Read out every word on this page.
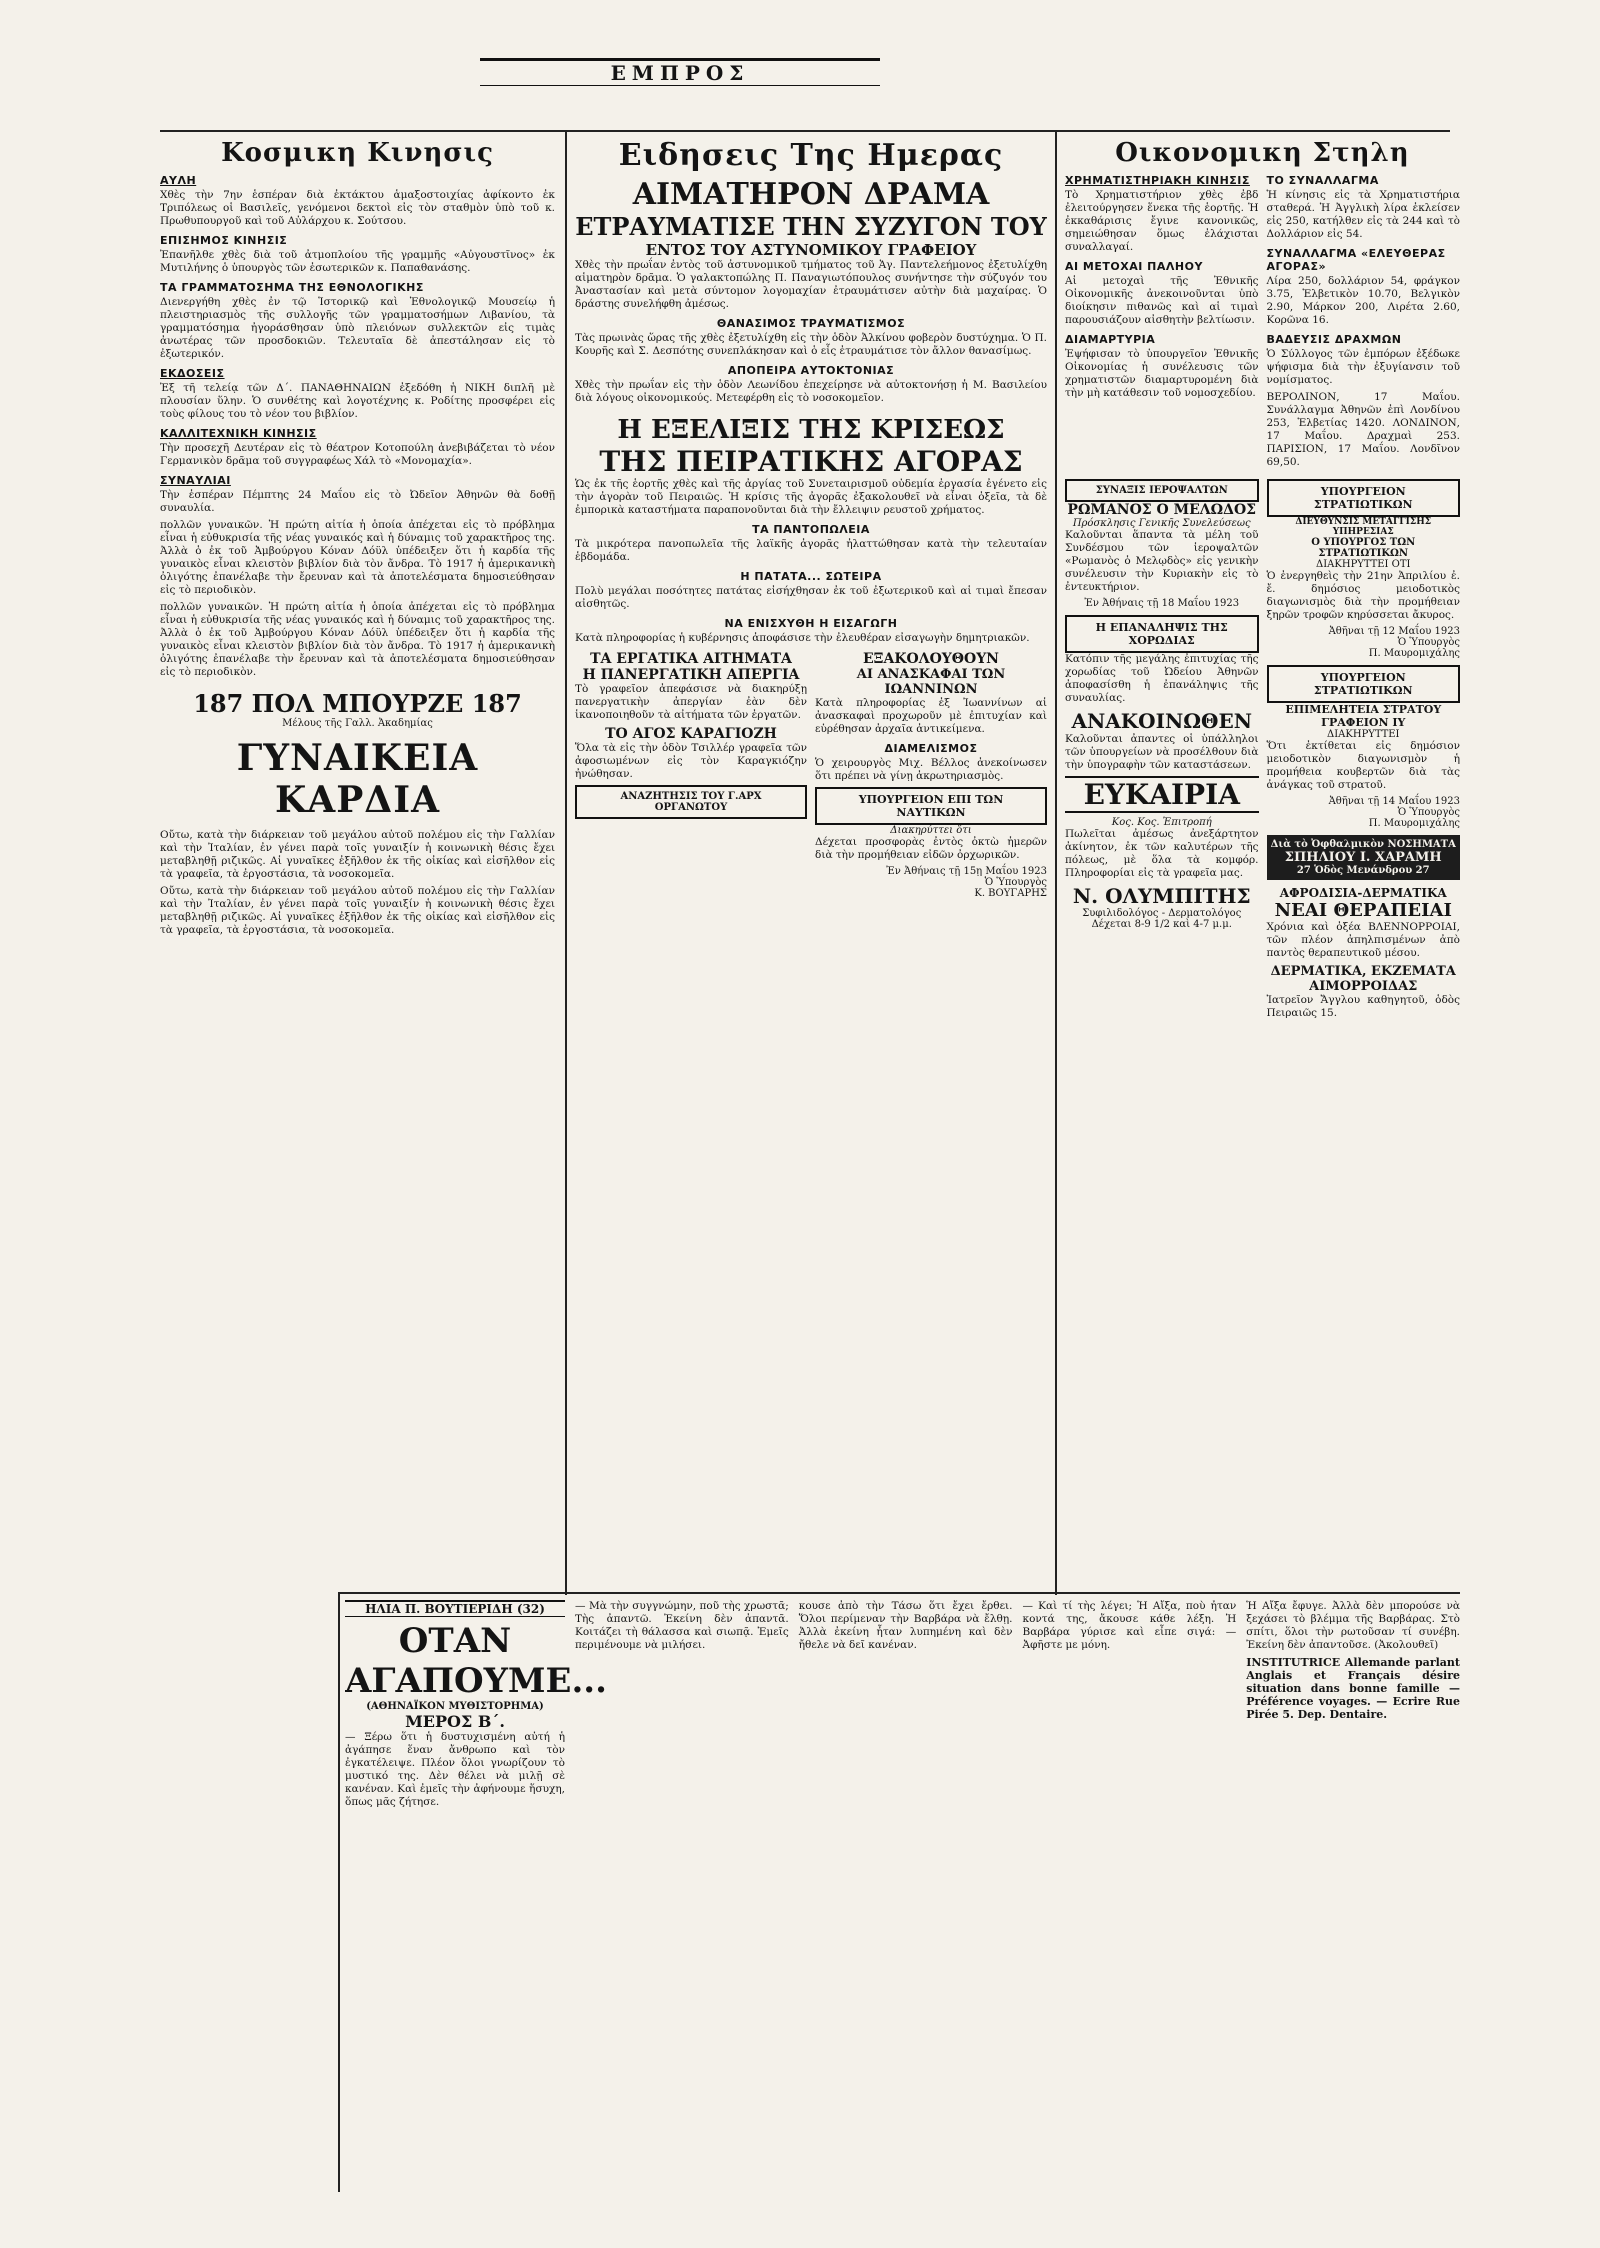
ΕΜΠΡΟΣ
Κοσμικη Κινησις
ΑΥΛΗ

Χθὲς τὴν 7ην ἑσπέραν διὰ ἐκτάκτου ἁμαξοστοιχίας ἀφίκοντο ἐκ Τριπόλεως οἱ Βασιλεῖς, γενόμενοι δεκτοὶ εἰς τὸν σταθμὸν ὑπὸ τοῦ κ. Πρωθυπουργοῦ καὶ τοῦ Αὐλάρχου κ. Σούτσου.

ΕΠΙΣΗΜΟΣ ΚΙΝΗΣΙΣ

Ἐπανῆλθε χθὲς διὰ τοῦ ἀτμοπλοίου τῆς γραμμῆς «Αὐγουστῖνος» ἐκ Μυτιλήνης ὁ ὑπουργὸς τῶν ἐσωτερικῶν κ. Παπαθανάσης.

ΤΑ ΓΡΑΜΜΑΤΟΣΗΜΑ ΤΗΣ ΕΘΝΟΛΟΓΙΚΗΣ

Διενεργήθη χθὲς ἐν τῷ Ἱστορικῷ καὶ Ἐθνολογικῷ Μουσείῳ ἡ πλειστηριασμὸς τῆς συλλογῆς τῶν γραμματοσήμων Λιβανίου, τὰ γραμματόσημα ἠγοράσθησαν ὑπὸ πλειόνων συλλεκτῶν εἰς τιμὰς ἀνωτέρας τῶν προσδοκιῶν. Τελευταῖα δὲ ἀπεστάλησαν εἰς τὸ ἐξωτερικόν.

ΕΚΔΟΣΕΙΣ

Ἐξ τῆ τελείᾳ τῶν Δ΄. ΠΑΝΑΘΗΝΑΙΩΝ ἐξεδόθη ἡ ΝΙΚΗ διπλῆ μὲ πλουσίαν ὕλην. Ὁ συνθέτης καὶ λογοτέχνης κ. Ροδίτης προσφέρει εἰς τοὺς φίλους του τὸ νέον του βιβλίον.

ΚΑΛΛΙΤΕΧΝΙΚΗ ΚΙΝΗΣΙΣ

Τὴν προσεχῆ Δευτέραν εἰς τὸ θέατρον Κοτοπούλη ἀνεβιβάζεται τὸ νέον Γερμανικὸν δρᾶμα τοῦ συγγραφέως Χάλ τὸ «Μονομαχία».

ΣΥΝΑΥΛΙΑΙ

Τὴν ἑσπέραν Πέμπτης 24 Μαΐου εἰς τὸ Ὠδεῖον Ἀθηνῶν θὰ δοθῇ συναυλία.

πολλῶν γυναικῶν. Ἡ πρώτη αἰτία ἡ ὁποία ἀπέχεται εἰς τὸ πρόβλημα εἶναι ἡ εὐθυκρισία τῆς νέας γυναικός καὶ ἡ δύναμις τοῦ χαρακτῆρος της. Ἀλλὰ ὁ ἐκ τοῦ Ἀμβούργου Κόναν Δόϋλ ὑπέδειξεν ὅτι ἡ καρδία τῆς γυναικὸς εἶναι κλειστὸν βιβλίον διὰ τὸν ἄνδρα. Τὸ 1917 ἡ ἀμερικανικὴ ὀλιγότης ἐπανέλαβε τὴν ἔρευναν καὶ τὰ ἀποτελέσματα δημοσιεύθησαν εἰς τὸ περιοδικὸν.

πολλῶν γυναικῶν. Ἡ πρώτη αἰτία ἡ ὁποία ἀπέχεται εἰς τὸ πρόβλημα εἶναι ἡ εὐθυκρισία τῆς νέας γυναικός καὶ ἡ δύναμις τοῦ χαρακτῆρος της. Ἀλλὰ ὁ ἐκ τοῦ Ἀμβούργου Κόναν Δόϋλ ὑπέδειξεν ὅτι ἡ καρδία τῆς γυναικὸς εἶναι κλειστὸν βιβλίον διὰ τὸν ἄνδρα. Τὸ 1917 ἡ ἀμερικανικὴ ὀλιγότης ἐπανέλαβε τὴν ἔρευναν καὶ τὰ ἀποτελέσματα δημοσιεύθησαν εἰς τὸ περιοδικὸν.

187 ΠΟΛ ΜΠΟΥΡΖΕ 187
Μέλους τῆς Γαλλ. Ἀκαδημίας
ΓΥΝΑΙΚΕΙΑ ΚΑΡΔΙΑ

Οὔτω, κατὰ τὴν διάρκειαν τοῦ μεγάλου αὐτοῦ πολέμου εἰς τὴν Γαλλίαν καὶ τὴν Ἰταλίαν, ἐν γένει παρὰ τοῖς γυναιξίν ἡ κοινωνικὴ θέσις ἔχει μεταβληθῇ ριζικῶς. Αἱ γυναῖκες ἐξῆλθον ἐκ τῆς οἰκίας καὶ εἰσῆλθον εἰς τὰ γραφεῖα, τὰ ἐργοστάσια, τὰ νοσοκομεῖα.

Οὔτω, κατὰ τὴν διάρκειαν τοῦ μεγάλου αὐτοῦ πολέμου εἰς τὴν Γαλλίαν καὶ τὴν Ἰταλίαν, ἐν γένει παρὰ τοῖς γυναιξίν ἡ κοινωνικὴ θέσις ἔχει μεταβληθῇ ριζικῶς. Αἱ γυναῖκες ἐξῆλθον ἐκ τῆς οἰκίας καὶ εἰσῆλθον εἰς τὰ γραφεῖα, τὰ ἐργοστάσια, τὰ νοσοκομεῖα.

Ειδησεις Της Ημερας
ΑΙΜΑΤΗΡΟΝ ΔΡΑΜΑ
ΕΤΡΑΥΜΑΤΙΣΕ ΤΗΝ ΣΥΖΥΓΟΝ ΤΟΥ
ΕΝΤΟΣ ΤΟΥ ΑΣΤΥΝΟΜΙΚΟΥ ΓΡΑΦΕΙΟΥ

Χθὲς τὴν πρωΐαν ἐντὸς τοῦ ἀστυνομικοῦ τμήματος τοῦ Ἁγ. Παντελεήμονος ἐξετυλίχθη αἱματηρὸν δρᾶμα. Ὁ γαλακτοπώλης Π. Παναγιωτόπουλος συνήντησε τὴν σύζυγόν του Ἀναστασίαν καὶ μετὰ σύντομον λογομαχίαν ἐτραυμάτισεν αὐτὴν διὰ μαχαίρας. Ὁ δράστης συνελήφθη ἀμέσως.

ΘΑΝΑΣΙΜΟΣ ΤΡΑΥΜΑΤΙΣΜΟΣ

Τὰς πρωινὰς ὥρας τῆς χθὲς ἐξετυλίχθη εἰς τὴν ὁδὸν Ἀλκίνου φοβερὸν δυστύχημα. Ὁ Π. Κουρῆς καὶ Σ. Δεσπότης συνεπλάκησαν καὶ ὁ εἷς ἐτραυμάτισε τὸν ἄλλον θανασίμως.

ΑΠΟΠΕΙΡΑ ΑΥΤΟΚΤΟΝΙΑΣ

Χθὲς τὴν πρωΐαν εἰς τὴν ὁδὸν Λεωνίδου ἐπεχείρησε νὰ αὐτοκτονήσῃ ἡ Μ. Βασιλείου διὰ λόγους οἰκονομικούς. Μετεφέρθη εἰς τὸ νοσοκομεῖον.

Η ΕΞΕΛΙΞΙΣ ΤΗΣ ΚΡΙΣΕΩΣ
ΤΗΣ ΠΕΙΡΑΤΙΚΗΣ ΑΓΟΡΑΣ

Ὡς ἐκ τῆς ἑορτῆς χθὲς καὶ τῆς ἀργίας τοῦ Συνεταιρισμοῦ οὐδεμία ἐργασία ἐγένετο εἰς τὴν ἀγορὰν τοῦ Πειραιῶς. Ἡ κρίσις τῆς ἀγορᾶς ἐξακολουθεῖ νὰ εἶναι ὀξεῖα, τὰ δὲ ἐμπορικὰ καταστήματα παραπονοῦνται διὰ τὴν ἔλλειψιν ρευστοῦ χρήματος.

ΤΑ ΠΑΝΤΟΠΩΛΕΙΑ

Τὰ μικρότερα πανοπωλεῖα τῆς λαϊκῆς ἀγορᾶς ἠλαττώθησαν κατὰ τὴν τελευταίαν ἑβδομάδα.

Η ΠΑΤΑΤΑ... ΣΩΤΕΙΡΑ

Πολὺ μεγάλαι ποσότητες πατάτας εἰσήχθησαν ἐκ τοῦ ἐξωτερικοῦ καὶ αἱ τιμαὶ ἔπεσαν αἰσθητῶς.

ΝΑ ΕΝΙΣΧΥΘΗ Η ΕΙΣΑΓΩΓΗ

Κατὰ πληροφορίας ἡ κυβέρνησις ἀποφάσισε τὴν ἐλευθέραν εἰσαγωγὴν δημητριακῶν.

ΤΑ ΕΡΓΑΤΙΚΑ ΑΙΤΗΜΑΤΑ
Η ΠΑΝΕΡΓΑΤΙΚΗ ΑΠΕΡΓΙΑ

Τὸ γραφεῖον ἀπεφάσισε νὰ διακηρύξῃ πανεργατικὴν ἀπεργίαν ἐὰν δὲν ἱκανοποιηθοῦν τὰ αἰτήματα τῶν ἐργατῶν.

ΤΟ ΑΓΟΣ ΚΑΡΑΓΙΟΖΗ

Ὅλα τὰ εἰς τὴν ὁδὸν Τσιλλέρ γραφεῖα τῶν ἀφοσιωμένων εἰς τὸν Καραγκιόζην ἠνώθησαν.

ΑΝΑΖΗΤΗΣΙΣ ΤΟΥ Γ.ΑΡΧ ΟΡΓΑΝΩΤΟΥ
ΕΞΑΚΟΛΟΥΘΟΥΝ
ΑΙ ΑΝΑΣΚΑΦΑΙ ΤΩΝ ΙΩΑΝΝΙΝΩΝ

Κατὰ πληροφορίας ἐξ Ἰωαννίνων αἱ ἀνασκαφαὶ προχωροῦν μὲ ἐπιτυχίαν καὶ εὑρέθησαν ἀρχαῖα ἀντικείμενα.

ΔΙΑΜΕΛΙΣΜΟΣ

Ὁ χειρουργὸς Μιχ. Βέλλος ἀνεκοίνωσεν ὅτι πρέπει νὰ γίνῃ ἀκρωτηριασμὸς.

ΥΠΟΥΡΓΕΙΟΝ ΕΠΙ ΤΩΝ ΝΑΥΤΙΚΩΝ
Διακηρύττει ὅτι

Δέχεται προσφορὰς ἐντὸς ὀκτὼ ἡμερῶν διὰ τὴν προμήθειαν εἰδῶν ὀρχωρικῶν.

Ἐν Ἀθήναις τῇ 15ῃ Μαΐου 1923
Ὁ Ὑπουργὸς
Κ. ΒΟΥΓΑΡΗΣ
Οικονομικη Στηλη
ΧΡΗΜΑΤΙΣΤΗΡΙΑΚΗ ΚΙΝΗΣΙΣ

Τὸ Χρηματιστήριον χθὲς ἐβδ ἐλειτούργησεν ἕνεκα τῆς ἑορτῆς. Ἡ ἐκκαθάρισις ἔγινε κανονικῶς, σημειώθησαν ὅμως ἐλάχισται συναλλαγαί.

ΑΙ ΜΕΤΟΧΑΙ ΠΑΛΗΟΥ

Αἱ μετοχαὶ τῆς Ἐθνικῆς Οἰκονομικῆς ἀνεκοινοῦνται ὑπὸ διοίκησιν πιθανῶς καὶ αἱ τιμαὶ παρουσιάζουν αἰσθητὴν βελτίωσιν.

ΔΙΑΜΑΡΤΥΡΙΑ

Ἐψήφισαν τὸ ὑπουργεῖον Ἐθνικῆς Οἰκονομίας ἡ συνέλευσις τῶν χρηματιστῶν διαμαρτυρομένη διὰ τὴν μὴ κατάθεσιν τοῦ νομοσχεδίου.

ΤΟ ΣΥΝΑΛΛΑΓΜΑ

Ἡ κίνησις εἰς τὰ Χρηματιστήρια σταθερά. Ἡ Ἀγγλικὴ λίρα ἐκλείσεν εἰς 250, κατήλθεν εἰς τὰ 244 καὶ τὸ Δολλάριον εἰς 54.

ΣΥΝΑΛΛΑΓΜΑ «ΕΛΕΥΘΕΡΑΣ ΑΓΟΡΑΣ»

Λίρα 250, δολλάριον 54, φράγκον 3.75, Ἑλβετικὸν 10.70, Βελγικὸν 2.90, Μάρκον 200, Λιρέτα 2.60, Κορῶνα 16.

ΒΑΔΕΥΣΙΣ ΔΡΑΧΜΩΝ

Ὁ Σύλλογος τῶν ἐμπόρων ἐξέδωκε ψήφισμα διὰ τὴν ἐξυγίανσιν τοῦ νομίσματος.

ΒΕΡΟΛΙΝΟΝ, 17 Μαΐου. Συνάλλαγμα Ἀθηνῶν ἐπὶ Λονδίνου 253, Ἑλβετίας 1420. ΛΟΝΔΙΝΟΝ, 17 Μαΐου. Δραχμαὶ 253. ΠΑΡΙΣΙΟΝ, 17 Μαΐου. Λονδῖνον 69,50.

ΣΥΝΑΞΙΣ ΙΕΡΟΨΑΛΤΩΝ
ΡΩΜΑΝΟΣ Ο ΜΕΛΩΔΟΣ
Πρόσκλησις Γενικῆς Συνελεύσεως

Καλοῦνται ἅπαντα τὰ μέλη τοῦ Συνδέσμου τῶν ἱεροψαλτῶν «Ρωμανὸς ὁ Μελῳδὸς» εἰς γενικὴν συνέλευσιν τὴν Κυριακὴν εἰς τὸ ἐντευκτήριον.

Ἐν Ἀθήναις τῇ 18 Μαΐου 1923
Η ΕΠΑΝΑΛΗΨΙΣ ΤΗΣ ΧΟΡΩΔΙΑΣ

Κατόπιν τῆς μεγάλης ἐπιτυχίας τῆς χορωδίας τοῦ Ὠδείου Ἀθηνῶν ἀποφασίσθη ἡ ἐπανάληψις τῆς συναυλίας.

ΑΝΑΚΟΙΝΩΘΕΝ

Καλοῦνται ἀπαντες οἱ ὑπάλληλοι τῶν ὑπουργείων νὰ προσέλθουν διὰ τὴν ὑπογραφὴν τῶν καταστάσεων.

ΕΥΚΑΙΡΙΑ
Κος. Κος. Ἐπιτροπή

Πωλεῖται ἀμέσως ἀνεξάρτητον ἀκίνητον, ἐκ τῶν καλυτέρων τῆς πόλεως, μὲ ὅλα τὰ κομφόρ. Πληροφορίαι εἰς τὰ γραφεῖα μας.

Ν. ΟΛΥΜΠΙΤΗΣ
Συφιλιδολόγος - Δερματολόγος
Δέχεται 8-9 1/2 καὶ 4-7 μ.μ.
ΥΠΟΥΡΓΕΙΟΝ ΣΤΡΑΤΙΩΤΙΚΩΝ
ΔΙΕΥΘΥΝΣΙΣ ΜΕΤΑΓΓΙΣΗΣ ΥΠΗΡΕΣΙΑΣ
Ο ΥΠΟΥΡΓΟΣ ΤΩΝ ΣΤΡΑΤΙΩΤΙΚΩΝ
ΔΙΑΚΗΡΥΤΤΕΙ ΟΤΙ

Ὁ ἐνεργηθεὶς τὴν 21ην Ἀπριλίου ἐ. ἔ. δημόσιος μειοδοτικὸς διαγωνισμὸς διὰ τὴν προμήθειαν ξηρῶν τροφῶν κηρύσσεται ἄκυρος.

Ἀθῆναι τῇ 12 Μαΐου 1923
Ὁ Ὑπουργὸς
Π. Μαυρομιχάλης
ΥΠΟΥΡΓΕΙΟΝ ΣΤΡΑΤΙΩΤΙΚΩΝ
ΕΠΙΜΕΛΗΤΕΙΑ ΣΤΡΑΤΟΥ
ΓΡΑΦΕΙΟΝ ΙΥ
ΔΙΑΚΗΡΥΤΤΕΙ

Ὅτι ἐκτίθεται εἰς δημόσιον μειοδοτικὸν διαγωνισμὸν ἡ προμήθεια κουβερτῶν διὰ τὰς ἀνάγκας τοῦ στρατοῦ.

Ἀθῆναι τῇ 14 Μαΐου 1923
Ὁ Ὑπουργὸς
Π. Μαυρομιχάλης
Διὰ τὸ Ὀφθαλμικὸν ΝΟΣΗΜΑΤΑ
ΣΠΗΛΙΟΥ Ι. ΧΑΡΑΜΗ
27 Ὁδὸς Μενάνδρου 27
ΑΦΡΟΔΙΣΙΑ-ΔΕΡΜΑΤΙΚΑ
ΝΕΑΙ ΘΕΡΑΠΕΙΑΙ

Χρόνια καὶ ὀξέα ΒΛΕΝΝΟΡΡΟΙΑΙ, τῶν πλέον ἀπηλπισμένων ἀπὸ παντὸς θεραπευτικοῦ μέσου.

ΔΕΡΜΑΤΙΚΑ, ΕΚΖΕΜΑΤΑ
ΑΙΜΟΡΡΟΙΔΑΣ

Ἰατρεῖον Ἄγγλου καθηγητοῦ, ὁδὸς Πειραιῶς 15.

ΗΛΙΑ Π. ΒΟΥΤΙΕΡΙΔΗ (32)
ΟΤΑΝ ΑΓΑΠΟΥΜΕ...
(ΑΘΗΝΑΪΚΟΝ ΜΥΘΙΣΤΟΡΗΜΑ)
ΜΕΡΟΣ Β΄.

— Ξέρω ὅτι ἡ δυστυχισμένη αὐτή ἡ ἀγάπησε ἕναν ἄνθρωπο καὶ τὸν ἐγκατέλειψε. Πλέον ὅλοι γνωρίζουν τὸ μυστικό της. Δὲν θέλει νὰ μιλῇ σὲ κανέναν. Καὶ ἐμεῖς τὴν ἀφήνουμε ἥσυχη, ὅπως μᾶς ζήτησε.

— Μὰ τὴν συγγνώμην, ποῦ τὴς χρωστᾶ; Τὴς ἀπαντῶ. Ἐκείνη δὲν ἀπαντᾶ. Κοιτάζει τὴ θάλασσα καὶ σιωπᾷ. Ἐμεῖς περιμένουμε νὰ μιλήσει.

κουσε ἀπὸ τὴν Τάσω ὅτι ἔχει ἔρθει. Ὅλοι περίμεναν τὴν Βαρβάρα νὰ ἔλθῃ. Ἀλλὰ ἐκείνη ἦταν λυπημένη καὶ δὲν ἤθελε νὰ δεῖ κανέναν.

— Καὶ τί τὴς λέγει; Ἡ Αἴξα, ποὺ ἦταν κοντά της, ἄκουσε κάθε λέξη. Ἡ Βαρβάρα γύρισε καὶ εἶπε σιγά: — Ἀφῆστε με μόνη.

Ἡ Αἴξα ἔφυγε. Ἀλλὰ δὲν μπορούσε νὰ ξεχάσει τὸ βλέμμα τῆς Βαρβάρας. Στὸ σπίτι, ὅλοι τὴν ρωτοῦσαν τί συνέβη. Ἐκείνη δὲν ἀπαντοῦσε. (Ἀκολουθεῖ)

INSTITUTRICE Allemande parlant Anglais et Français désire situation dans bonne famille — Préférence voyages. — Ecrire Rue Pirée 5. Dep. Dentaire.
